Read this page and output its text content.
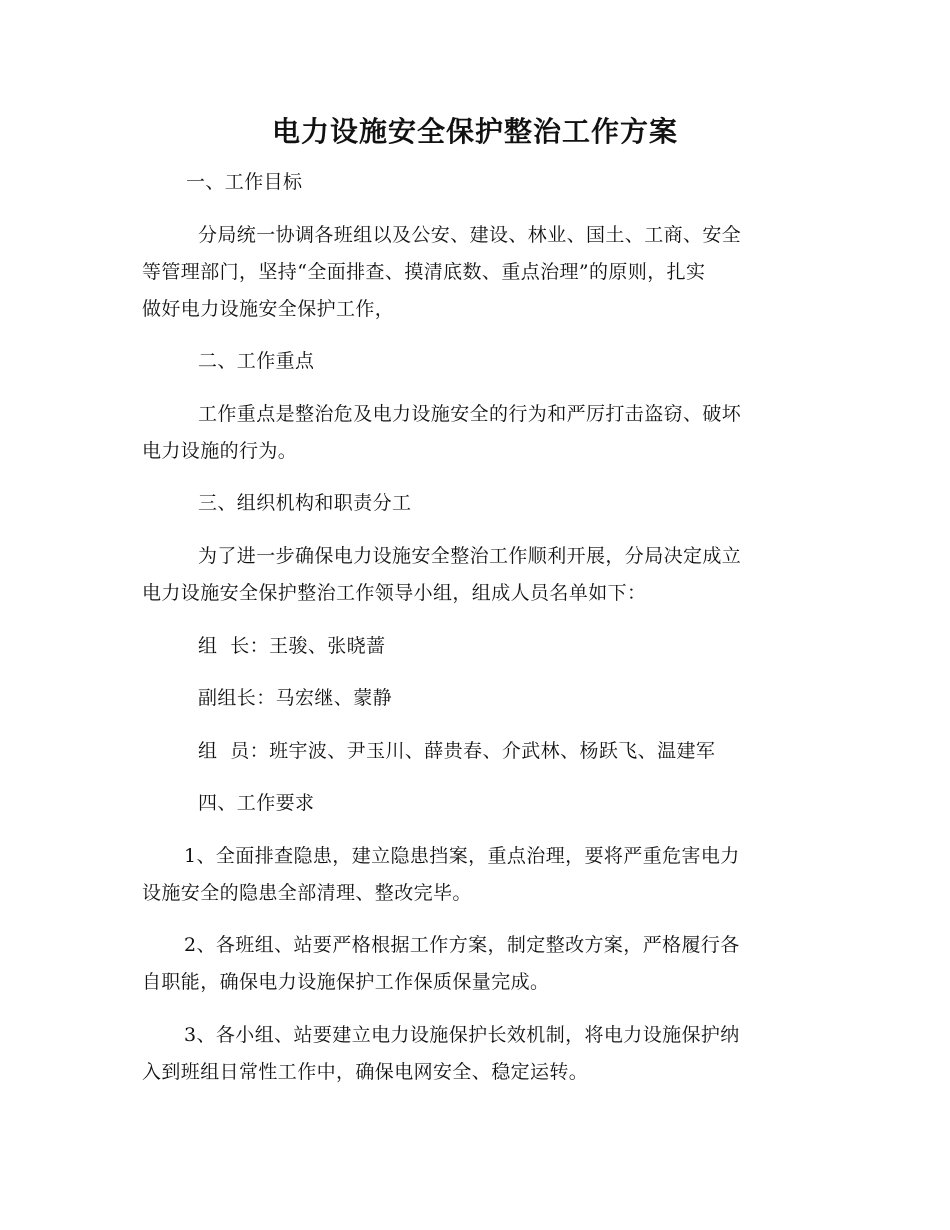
电力设施安全保护整治工作方案
一、工作目标
分局统一协调各班组以及公安、建设、林业、国土、工商、安全
等管理部门，坚持“全面排查、摸清底数、重点治理”的原则，扎实
做好电力设施安全保护工作，
二、工作重点
工作重点是整治危及电力设施安全的行为和严厉打击盗窃、破坏
电力设施的行为。
三、组织机构和职责分工
为了进一步确保电力设施安全整治工作顺利开展，分局决定成立
电力设施安全保护整治工作领导小组，组成人员名单如下：
组  长：王骏、张晓蔷
副组长：马宏继、蒙静
组  员：班宇波、尹玉川、薛贵春、介武林、杨跃飞、温建军
四、工作要求
1、全面排查隐患，建立隐患挡案，重点治理，要将严重危害电力
设施安全的隐患全部清理、整改完毕。
2、各班组、站要严格根据工作方案，制定整改方案，严格履行各
自职能，确保电力设施保护工作保质保量完成。
3、各小组、站要建立电力设施保护长效机制，将电力设施保护纳
入到班组日常性工作中，确保电网安全、稳定运转。
